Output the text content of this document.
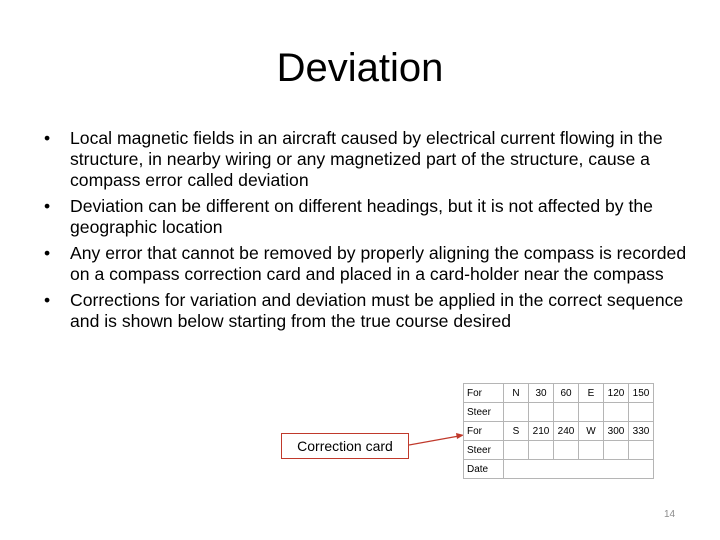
Deviation
• Local magnetic fields in an aircraft caused by electrical current flowing in the structure, in nearby wiring or any magnetized part of the structure, cause a compass error called deviation
• Deviation can be different on different headings, but it is not affected by the geographic location
• Any error that cannot be removed by properly aligning the compass is recorded on a compass correction card and placed in a card-holder near the compass
• Corrections for variation and deviation must be applied in the correct sequence and is shown below starting from the true course desired
Correction card
For	N	30	60	E	120	150
Steer						
For	S	210	240	W	300	330
Steer						
Date						
14
